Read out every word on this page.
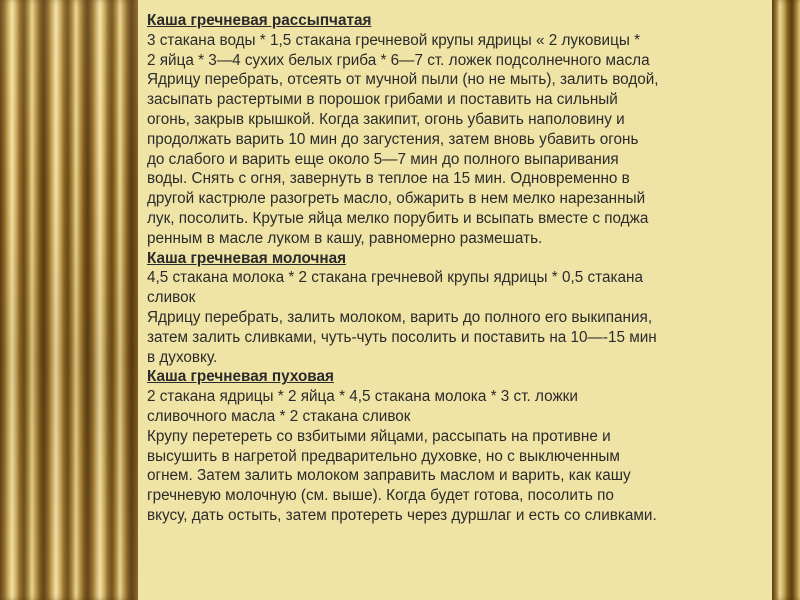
Каша гречневая рассыпчатая
3 стакана воды * 1,5 стакана гречневой крупы ядрицы « 2 луковицы *
2 яйца * 3—4 сухих белых гриба * 6—7 ст. ложек подсолнечного масла
Ядрицу перебрать, отсеять от мучной пыли (но не мыть), залить водой,
засыпать растертыми в порошок грибами и поставить на сильный
огонь, закрыв крышкой. Когда закипит, огонь убавить наполовину и
продолжать варить 10 мин до загустения, затем вновь убавить огонь
до слабого и варить еще около 5—7 мин до полного выпаривания
воды. Снять с огня, завернуть в теплое на 15 мин. Одновременно в
другой кастрюле разогреть масло, обжарить в нем мелко нарезанный
лук, посолить. Крутые яйца мелко порубить и всыпать вместе с поджа
ренным в масле луком в кашу, равномерно размешать.
Каша гречневая молочная
4,5 стакана молока * 2 стакана гречневой крупы ядрицы * 0,5 стакана
сливок
Ядрицу перебрать, залить молоком, варить до полного его выкипания,
затем залить сливками, чуть-чуть посолить и поставить на 10—-15 мин
в духовку.
Каша гречневая пуховая
2 стакана ядрицы * 2 яйца * 4,5 стакана молока * 3 ст. ложки
сливочного масла * 2 стакана сливок
Крупу перетереть со взбитыми яйцами, рассыпать на противне и
высушить в нагретой предварительно духовке, но с выключенным
огнем. Затем залить молоком заправить маслом и варить, как кашу
гречневую молочную (см. выше). Когда будет готова, посолить по
вкусу, дать остыть, затем протереть через дуршлаг и есть со сливками.
